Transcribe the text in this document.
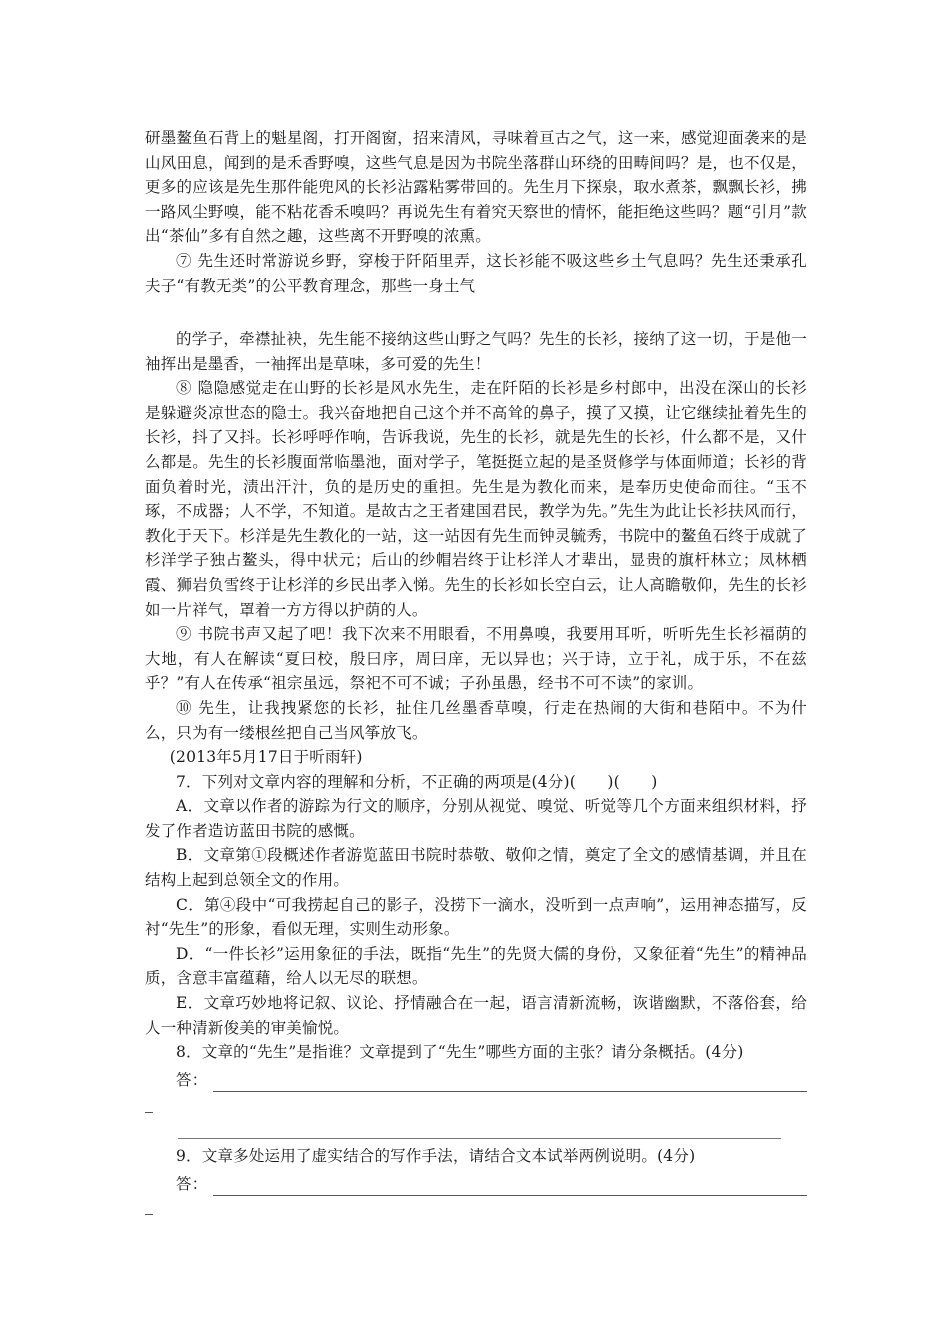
研墨鳌鱼石背上的魁星阁，打开阁窗，招来清风，寻味着亘古之气，这一来，感觉迎面袭来的是山风田息，闻到的是禾香野嗅，这些气息是因为书院坐落群山环绕的田畴间吗？是，也不仅是，更多的应该是先生那件能兜风的长衫沾露粘雾带回的。先生月下探泉，取水煮茶，飘飘长衫，拂一路风尘野嗅，能不粘花香禾嗅吗？再说先生有着究天察世的情怀，能拒绝这些吗？题“引月”款出“茶仙”多有自然之趣，这些离不开野嗅的浓熏。

⑦ 先生还时常游说乡野，穿梭于阡陌里弄，这长衫能不吸这些乡土气息吗？先生还秉承孔夫子“有教无类”的公平教育理念，那些一身土气

的学子，牵襟扯袂，先生能不接纳这些山野之气吗？先生的长衫，接纳了这一切，于是他一袖挥出是墨香，一袖挥出是草味，多可爱的先生！

⑧ 隐隐感觉走在山野的长衫是风水先生，走在阡陌的长衫是乡村郎中，出没在深山的长衫是躲避炎凉世态的隐士。我兴奋地把自己这个并不高耸的鼻子，摸了又摸，让它继续扯着先生的长衫，抖了又抖。长衫呼呼作响，告诉我说，先生的长衫，就是先生的长衫，什么都不是，又什么都是。先生的长衫腹面常临墨池，面对学子，笔挺挺立起的是圣贤修学与体面师道；长衫的背面负着时光，渍出汗汁，负的是历史的重担。先生是为教化而来，是奉历史使命而往。“玉不琢，不成器；人不学，不知道。是故古之王者建国君民，教学为先。”先生为此让长衫扶风而行，教化于天下。杉洋是先生教化的一站，这一站因有先生而钟灵毓秀，书院中的鳌鱼石终于成就了杉洋学子独占鳌头，得中状元；后山的纱帽岩终于让杉洋人才辈出，显贵的旗杆林立；凤林栖霞、狮岩负雪终于让杉洋的乡民出孝入悌。先生的长衫如长空白云，让人高瞻敬仰，先生的长衫如一片祥气，罩着一方方得以护荫的人。

⑨ 书院书声又起了吧！我下次来不用眼看，不用鼻嗅，我要用耳听，听听先生长衫福荫的大地，有人在解读“夏曰校，殷曰序，周曰庠，无以异也；兴于诗，立于礼，成于乐，不在兹乎？”有人在传承“祖宗虽远，祭祀不可不诚；子孙虽愚，经书不可不读”的家训。

⑩ 先生，让我拽紧您的长衫，扯住几丝墨香草嗅，行走在热闹的大街和巷陌中。不为什么，只为有一缕根丝把自己当风筝放飞。

(2013年5月17日于听雨轩)

7．下列对文章内容的理解和分析，不正确的两项是(4分)(　　)(　　)

A．文章以作者的游踪为行文的顺序，分别从视觉、嗅觉、听觉等几个方面来组织材料，抒发了作者造访蓝田书院的感慨。

B．文章第①段概述作者游览蓝田书院时恭敬、敬仰之情，奠定了全文的感情基调，并且在结构上起到总领全文的作用。

C．第④段中“可我捞起自己的影子，没捞下一滴水，没听到一点声响”，运用神态描写，反衬“先生”的形象，看似无理，实则生动形象。

D．“一件长衫”运用象征的手法，既指“先生”的先贤大儒的身份，又象征着“先生”的精神品质，含意丰富蕴藉，给人以无尽的联想。

E．文章巧妙地将记叙、议论、抒情融合在一起，语言清新流畅，诙谐幽默，不落俗套，给人一种清新俊美的审美愉悦。

8．文章的“先生”是指谁？文章提到了“先生”哪些方面的主张？请分条概括。(4分)

答：

9．文章多处运用了虚实结合的写作手法，请结合文本试举两例说明。(4分)

答：
